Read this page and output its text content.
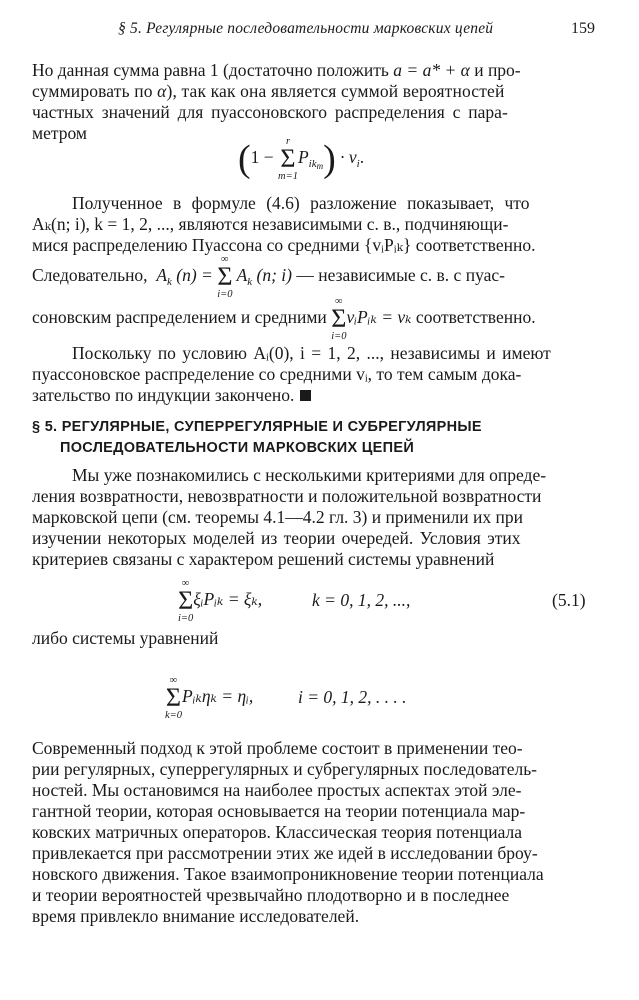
§ 5. Регулярные последовательности марковских цепей	159
Но данная сумма равна 1 (достаточно положить a = a* + α и про-
суммировать по α), так как она является суммой вероятностей
частных значений для пуассоновского распределения с пара-
метром
(1 −
r
Σ
m=1
$P_{ikm}) \cdot v_i$.
Полученное в формуле (4.6) разложение показывает, что
Aₖ(n; i), k = 1, 2, ..., являются независимыми с. в., подчиняющи-
мися распределению Пуассона со средними {vᵢPᵢₖ} соответственно.
Следовательно, $A_k$ (n) =
∞
Σ
i=0
$A_k$ (n; i) — независимые с. в. с пуас-
соновским распределением и средними
∞
Σ
i=0
vᵢPᵢₖ = vₖ соответственно.
Поскольку по условию Aᵢ(0), i = 1, 2, ..., независимы и имеют
пуассоновское распределение со средними vᵢ, то тем самым дока-
зательство по индукции закончено.
§ 5. РЕГУЛЯРНЫЕ, СУПЕРРЕГУЛЯРНЫЕ И СУБРЕГУЛЯРНЫЕ
ПОСЛЕДОВАТЕЛЬНОСТИ МАРКОВСКИХ ЦЕПЕЙ
Мы уже познакомились с несколькими критериями для опреде-
ления возвратности, невозвратности и положительной возвратности
марковской цепи (см. теоремы 4.1—4.2 гл. 3) и применили их при
изучении некоторых моделей из теории очередей. Условия этих
критериев связаны с характером решений системы уравнений
∞
Σ
i=0
ξᵢPᵢₖ = ξₖ,	k = 0, 1, 2, ...,	(5.1)
либо системы уравнений
∞
Σ
k=0
Pᵢₖηₖ = ηᵢ,	i = 0, 1, 2, . . . .
Современный подход к этой проблеме состоит в применении тео-
рии регулярных, суперрегулярных и субрегулярных последователь-
ностей. Мы остановимся на наиболее простых аспектах этой эле-
гантной теории, которая основывается на теории потенциала мар-
ковских матричных операторов. Классическая теория потенциала
привлекается при рассмотрении этих же идей в исследовании броу-
новского движения. Такое взаимопроникновение теории потенциала
и теории вероятностей чрезвычайно плодотворно и в последнее
время привлекло внимание исследователей.
